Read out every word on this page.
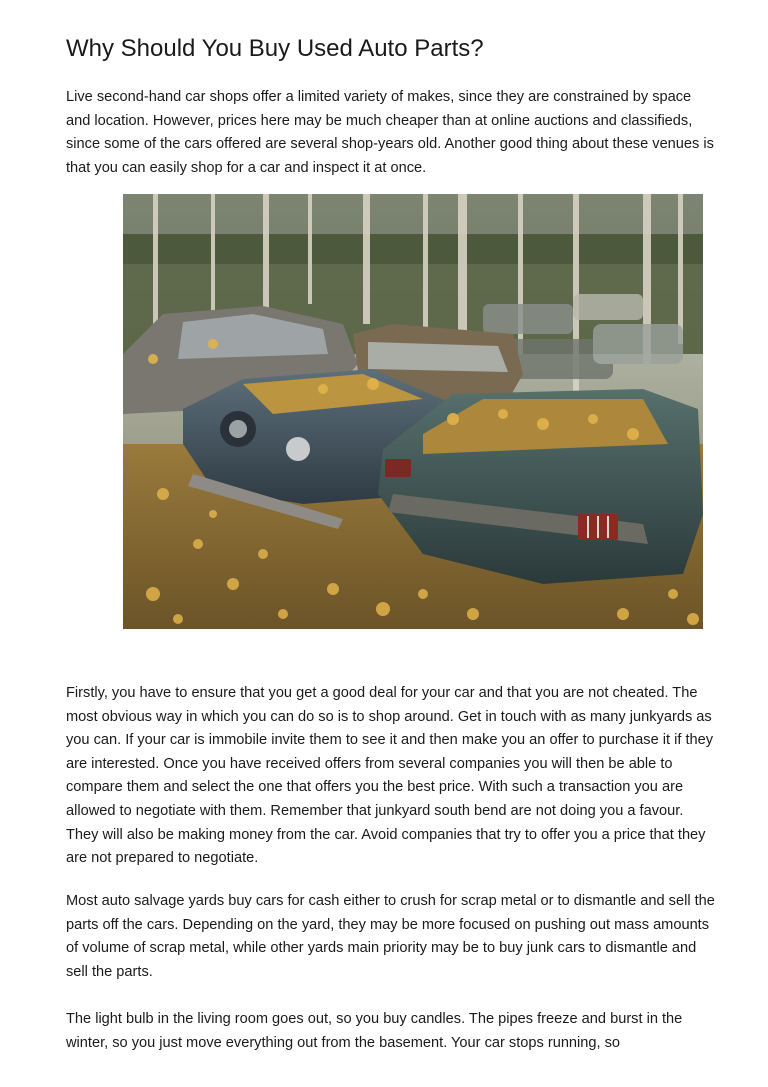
Why Should You Buy Used Auto Parts?

Live second-hand car shops offer a limited variety of makes, since they are constrained by space and location. However, prices here may be much cheaper than at online auctions and classifieds, since some of the cars offered are several shop-years old. Another good thing about these venues is that you can easily shop for a car and inspect it at once.

Firstly, you have to ensure that you get a good deal for your car and that you are not cheated. The most obvious way in which you can do so is to shop around. Get in touch with as many junkyards as you can. If your car is immobile invite them to see it and then make you an offer to purchase it if they are interested. Once you have received offers from several companies you will then be able to compare them and select the one that offers you the best price. With such a transaction you are allowed to negotiate with them. Remember that junkyard south bend are not doing you a favour. They will also be making money from the car. Avoid companies that try to offer you a price that they are not prepared to negotiate.

Most auto salvage yards buy cars for cash either to crush for scrap metal or to dismantle and sell the parts off the cars. Depending on the yard, they may be more focused on pushing out mass amounts of volume of scrap metal, while other yards main priority may be to buy junk cars to dismantle and sell the parts.

The light bulb in the living room goes out, so you buy candles. The pipes freeze and burst in the winter, so you just move everything out from the basement. Your car stops running, so
